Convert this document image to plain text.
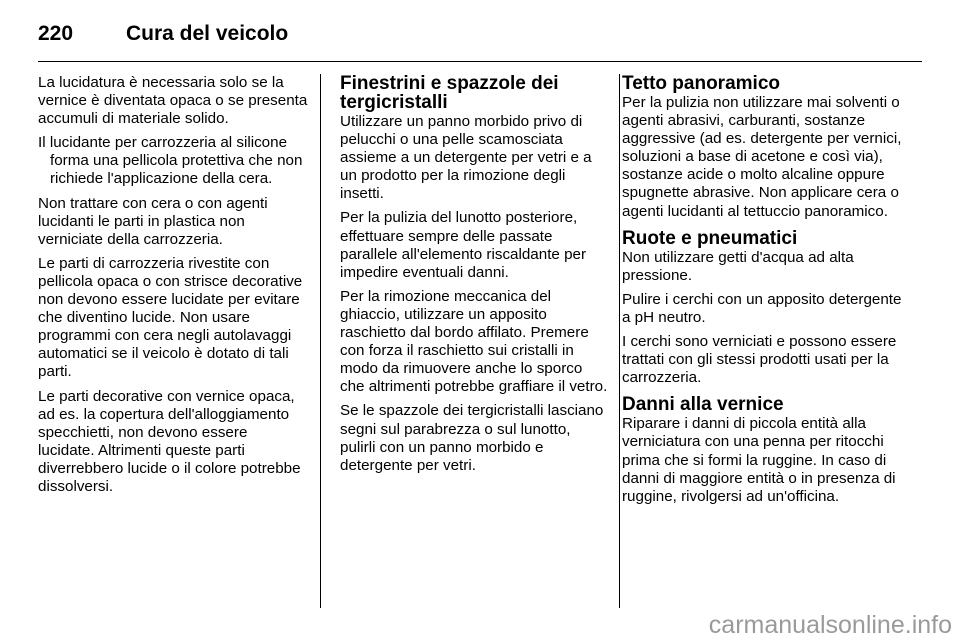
220	Cura del veicolo

La lucidatura è necessaria solo se la vernice è diventata opaca o se presenta accumuli di materiale solido.

Il lucidante per carrozzeria al silicone forma una pellicola protettiva che non richiede l'applicazione della cera.

Non trattare con cera o con agenti lucidanti le parti in plastica non verniciate della carrozzeria.

Le parti di carrozzeria rivestite con pellicola opaca o con strisce decorative non devono essere lucidate per evitare che diventino lucide. Non usare programmi con cera negli autolavaggi automatici se il veicolo è dotato di tali parti.

Le parti decorative con vernice opaca, ad es. la copertura dell'alloggiamento specchietti, non devono essere lucidate. Altrimenti queste parti diverrebbero lucide o il colore potrebbe dissolversi.

Finestrini e spazzole dei tergicristalli

Utilizzare un panno morbido privo di pelucchi o una pelle scamosciata assieme a un detergente per vetri e a un prodotto per la rimozione degli insetti.

Per la pulizia del lunotto posteriore, effettuare sempre delle passate parallele all'elemento riscaldante per impedire eventuali danni.

Per la rimozione meccanica del ghiaccio, utilizzare un apposito raschietto dal bordo affilato. Premere con forza il raschietto sui cristalli in modo da rimuovere anche lo sporco che altrimenti potrebbe graffiare il vetro.

Se le spazzole dei tergicristalli lasciano segni sul parabrezza o sul lunotto, pulirli con un panno morbido e detergente per vetri.

Tetto panoramico

Per la pulizia non utilizzare mai solventi o agenti abrasivi, carburanti, sostanze aggressive (ad es. detergente per vernici, soluzioni a base di acetone e così via), sostanze acide o molto alcaline oppure spugnette abrasive. Non applicare cera o agenti lucidanti al tettuccio panoramico.

Ruote e pneumatici

Non utilizzare getti d'acqua ad alta pressione.

Pulire i cerchi con un apposito detergente a pH neutro.

I cerchi sono verniciati e possono essere trattati con gli stessi prodotti usati per la carrozzeria.

Danni alla vernice

Riparare i danni di piccola entità alla verniciatura con una penna per ritocchi prima che si formi la ruggine. In caso di danni di maggiore entità o in presenza di ruggine, rivolgersi ad un'officina.

carmanualsonline.info
